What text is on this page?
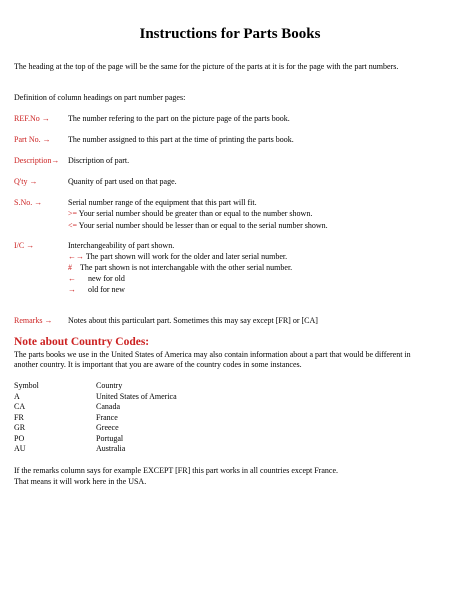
Instructions for Parts Books
The heading at the top of the page will be the same for the picture of the parts at it is for the page with the part numbers.
Definition of column headings on part number pages:
REF.No → The number refering to the part on the picture page of the parts book.
Part No. → The number assigned to this part at the time of printing the parts book.
Description→ Discription of part.
Q'ty →	Quanity of part used on that page.
S.No. →	Serial number range of the equipment that this part will fit.
>= Your serial number should be greater than or equal to the number shown.
<= Your serial number should be lesser than or equal to the serial number shown.
I/C →	Interchangeability of part shown.
←→ The part shown will work for the older and later serial number.
# The part shown is not interchangable with the other serial number.
← new for old
→ old for new
Remarks → Notes about this particulart part. Sometimes this may say except [FR] or [CA]
Note about Country Codes:
The parts books we use in the United States of America may also contain information about a part that would be different in another country. It is important that you are aware of the country codes in some instances.
Symbol	Country
A	United States of America
CA	Canada
FR	France
GR	Greece
PO	Portugal
AU	Australia
If the remarks column says for example EXCEPT [FR] this part works in all countries except France.
That means it will work here in the USA.
